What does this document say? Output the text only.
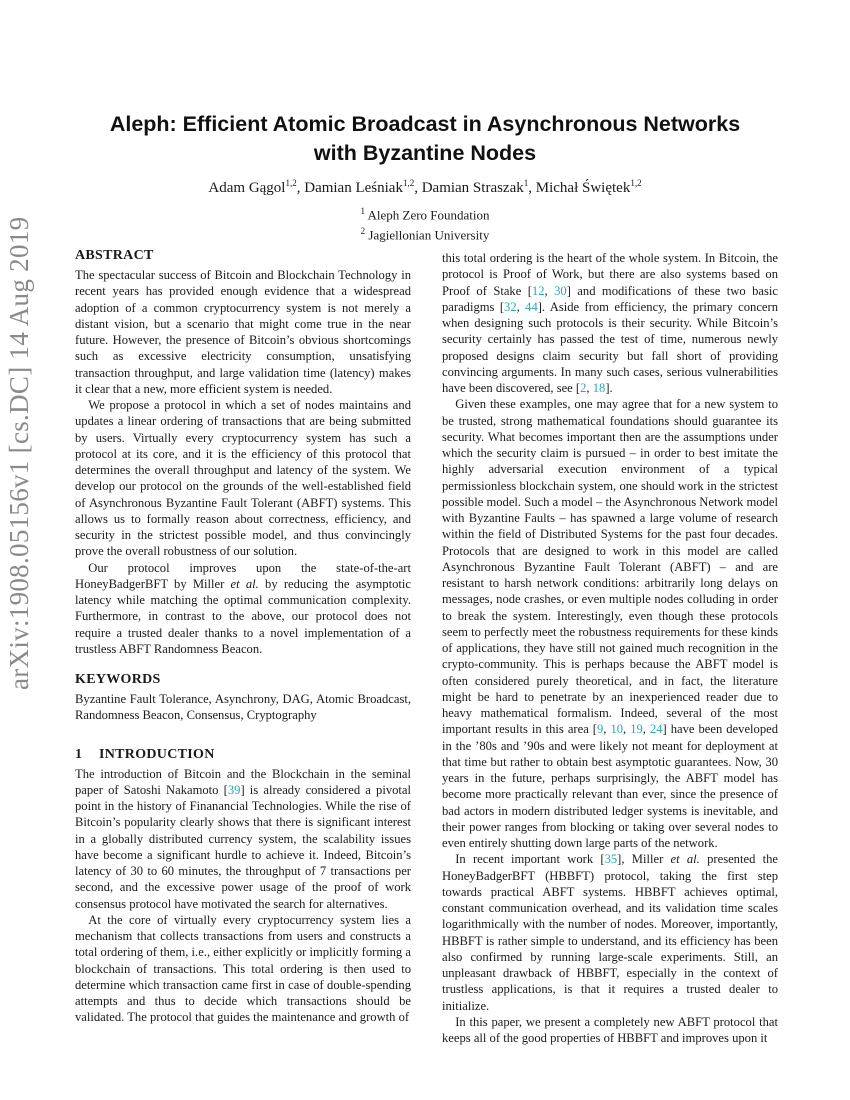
arXiv:1908.05156v1 [cs.DC] 14 Aug 2019
Aleph: Efficient Atomic Broadcast in Asynchronous Networks
with Byzantine Nodes
Adam Gągol$^{1,2}$, Damian Leśniak$^{1,2}$, Damian Straszak$^1$, Michał Świętek$^{1,2}$
$^1$ Aleph Zero Foundation
$^2$ Jagiellonian University
ABSTRACT

The spectacular success of Bitcoin and Blockchain Technology in recent years has provided enough evidence that a widespread adoption of a common cryptocurrency system is not merely a distant vision, but a scenario that might come true in the near future. However, the presence of Bitcoin’s obvious shortcomings such as excessive electricity consumption, unsatisfying transaction throughput, and large validation time (latency) makes it clear that a new, more efficient system is needed.

We propose a protocol in which a set of nodes maintains and updates a linear ordering of transactions that are being submitted by users. Virtually every cryptocurrency system has such a protocol at its core, and it is the efficiency of this protocol that determines the overall throughput and latency of the system. We develop our protocol on the grounds of the well-established field of Asynchronous Byzantine Fault Tolerant (ABFT) systems. This allows us to formally reason about correctness, efficiency, and security in the strictest possible model, and thus convincingly prove the overall robustness of our solution.

Our protocol improves upon the state-of-the-art HoneyBadgerBFT by Miller et al. by reducing the asymptotic latency while matching the optimal communication complexity. Furthermore, in contrast to the above, our protocol does not require a trusted dealer thanks to a novel implementation of a trustless ABFT Randomness Beacon.

KEYWORDS

Byzantine Fault Tolerance, Asynchrony, DAG, Atomic Broadcast, Randomness Beacon, Consensus, Cryptography

1 INTRODUCTION

The introduction of Bitcoin and the Blockchain in the seminal paper of Satoshi Nakamoto [39] is already considered a pivotal point in the history of Finanancial Technologies. While the rise of Bitcoin’s popularity clearly shows that there is significant interest in a globally distributed currency system, the scalability issues have become a significant hurdle to achieve it. Indeed, Bitcoin’s latency of 30 to 60 minutes, the throughput of 7 transactions per second, and the excessive power usage of the proof of work consensus protocol have motivated the search for alternatives.

At the core of virtually every cryptocurrency system lies a mechanism that collects transactions from users and constructs a total ordering of them, i.e., either explicitly or implicitly forming a blockchain of transactions. This total ordering is then used to determine which transaction came first in case of double-spending attempts and thus to decide which transactions should be validated. The protocol that guides the maintenance and growth of

this total ordering is the heart of the whole system. In Bitcoin, the protocol is Proof of Work, but there are also systems based on Proof of Stake [12, 30] and modifications of these two basic paradigms [32, 44]. Aside from efficiency, the primary concern when designing such protocols is their security. While Bitcoin’s security certainly has passed the test of time, numerous newly proposed designs claim security but fall short of providing convincing arguments. In many such cases, serious vulnerabilities have been discovered, see [2, 18].

Given these examples, one may agree that for a new system to be trusted, strong mathematical foundations should guarantee its security. What becomes important then are the assumptions under which the security claim is pursued – in order to best imitate the highly adversarial execution environment of a typical permissionless blockchain system, one should work in the strictest possible model. Such a model – the Asynchronous Network model with Byzantine Faults – has spawned a large volume of research within the field of Distributed Systems for the past four decades. Protocols that are designed to work in this model are called Asynchronous Byzantine Fault Tolerant (ABFT) – and are resistant to harsh network conditions: arbitrarily long delays on messages, node crashes, or even multiple nodes colluding in order to break the system. Interestingly, even though these protocols seem to perfectly meet the robustness requirements for these kinds of applications, they have still not gained much recognition in the crypto-community. This is perhaps because the ABFT model is often considered purely theoretical, and in fact, the literature might be hard to penetrate by an inexperienced reader due to heavy mathematical formalism. Indeed, several of the most important results in this area [9, 10, 19, 24] have been developed in the ’80s and ’90s and were likely not meant for deployment at that time but rather to obtain best asymptotic guarantees. Now, 30 years in the future, perhaps surprisingly, the ABFT model has become more practically relevant than ever, since the presence of bad actors in modern distributed ledger systems is inevitable, and their power ranges from blocking or taking over several nodes to even entirely shutting down large parts of the network.

In recent important work [35], Miller et al. presented the HoneyBadgerBFT (HBBFT) protocol, taking the first step towards practical ABFT systems. HBBFT achieves optimal, constant communication overhead, and its validation time scales logarithmically with the number of nodes. Moreover, importantly, HBBFT is rather simple to understand, and its efficiency has been also confirmed by running large-scale experiments. Still, an unpleasant drawback of HBBFT, especially in the context of trustless applications, is that it requires a trusted dealer to initialize.

In this paper, we present a completely new ABFT protocol that keeps all of the good properties of HBBFT and improves upon it
